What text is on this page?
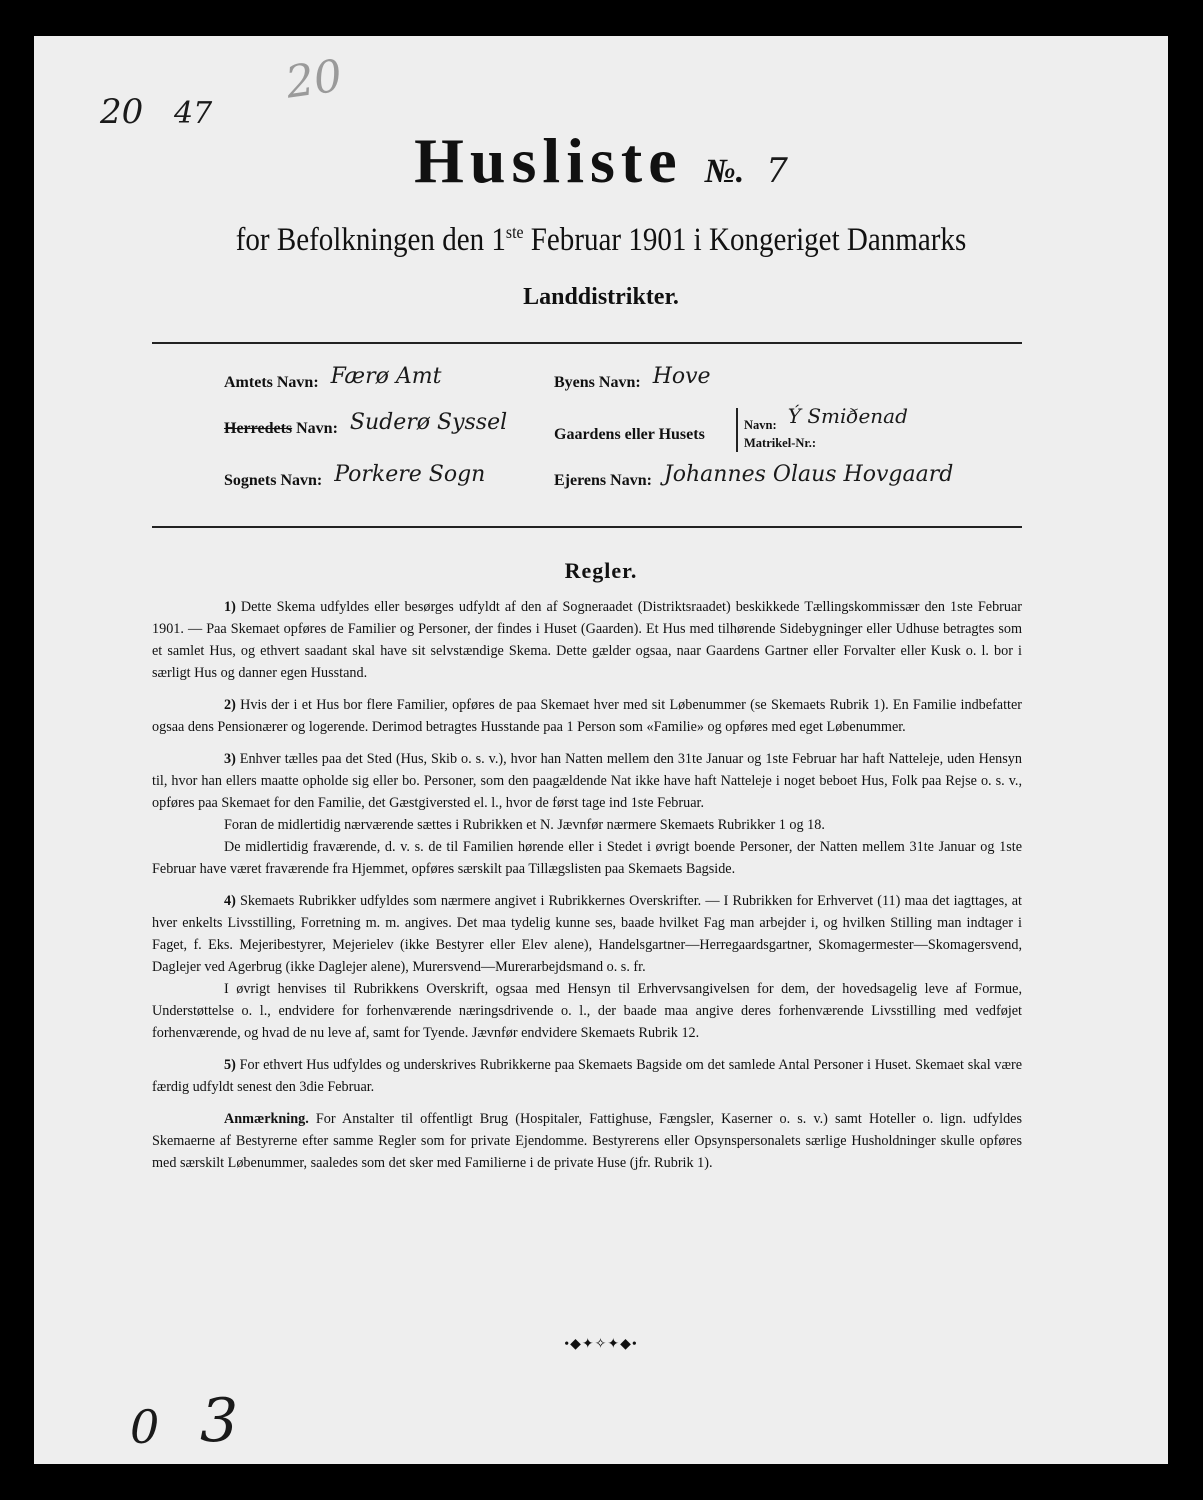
20 47
20
Husliste №. 7
for Befolkningen den 1ste Februar 1901 i Kongeriget Danmarks
Landdistrikter.
Amtets Navn: Færø Amt
Herredets Navn: Suderø Syssel
Sognets Navn: Porkere Sogn
Byens Navn: Hove
Gaardens eller Husets
Navn: Ý Smiðenad
Matrikel-Nr.:
Ejerens Navn: Johannes Olaus Hovgaard
Regler.

1) Dette Skema udfyldes eller besørges udfyldt af den af Sogneraadet (Distriktsraadet) beskikkede Tællingskommissær den 1ste Februar 1901. — Paa Skemaet opføres de Familier og Personer, der findes i Huset (Gaarden). Et Hus med tilhørende Sidebygninger eller Udhuse betragtes som et samlet Hus, og ethvert saadant skal have sit selvstændige Skema. Dette gælder ogsaa, naar Gaardens Gartner eller Forvalter eller Kusk o. l. bor i særligt Hus og danner egen Husstand.

2) Hvis der i et Hus bor flere Familier, opføres de paa Skemaet hver med sit Løbenummer (se Skemaets Rubrik 1). En Familie indbefatter ogsaa dens Pensionærer og logerende. Derimod betragtes Husstande paa 1 Person som «Familie» og opføres med eget Løbenummer.

3) Enhver tælles paa det Sted (Hus, Skib o. s. v.), hvor han Natten mellem den 31te Januar og 1ste Februar har haft Natteleje, uden Hensyn til, hvor han ellers maatte opholde sig eller bo. Personer, som den paagældende Nat ikke have haft Natteleje i noget beboet Hus, Folk paa Rejse o. s. v., opføres paa Skemaet for den Familie, det Gæstgiversted el. l., hvor de først tage ind 1ste Februar.

Foran de midlertidig nærværende sættes i Rubrikken et N. Jævnfør nærmere Skemaets Rubrikker 1 og 18.

De midlertidig fraværende, d. v. s. de til Familien hørende eller i Stedet i øvrigt boende Personer, der Natten mellem 31te Januar og 1ste Februar have været fraværende fra Hjemmet, opføres særskilt paa Tillægslisten paa Skemaets Bagside.

4) Skemaets Rubrikker udfyldes som nærmere angivet i Rubrikkernes Overskrifter. — I Rubrikken for Erhvervet (11) maa det iagttages, at hver enkelts Livsstilling, Forretning m. m. angives. Det maa tydelig kunne ses, baade hvilket Fag man arbejder i, og hvilken Stilling man indtager i Faget, f. Eks. Mejeribestyrer, Mejerielev (ikke Bestyrer eller Elev alene), Handelsgartner—Herregaardsgartner, Skomagermester—Skomagersvend, Daglejer ved Agerbrug (ikke Daglejer alene), Murersvend—Murerarbejdsmand o. s. fr.

I øvrigt henvises til Rubrikkens Overskrift, ogsaa med Hensyn til Erhvervsangivelsen for dem, der hovedsagelig leve af Formue, Understøttelse o. l., endvidere for forhenværende næringsdrivende o. l., der baade maa angive deres forhenværende Livsstilling med vedføjet forhenværende, og hvad de nu leve af, samt for Tyende. Jævnfør endvidere Skemaets Rubrik 12.

5) For ethvert Hus udfyldes og underskrives Rubrikkerne paa Skemaets Bagside om det samlede Antal Personer i Huset. Skemaet skal være færdig udfyldt senest den 3die Februar.

Anmærkning. For Anstalter til offentligt Brug (Hospitaler, Fattighuse, Fængsler, Kaserner o. s. v.) samt Hoteller o. lign. udfyldes Skemaerne af Bestyrerne efter samme Regler som for private Ejendomme. Bestyrerens eller Opsynspersonalets særlige Husholdninger skulle opføres med særskilt Løbenummer, saaledes som det sker med Familierne i de private Huse (jfr. Rubrik 1).

•◆✦✧✦◆•
0 3
